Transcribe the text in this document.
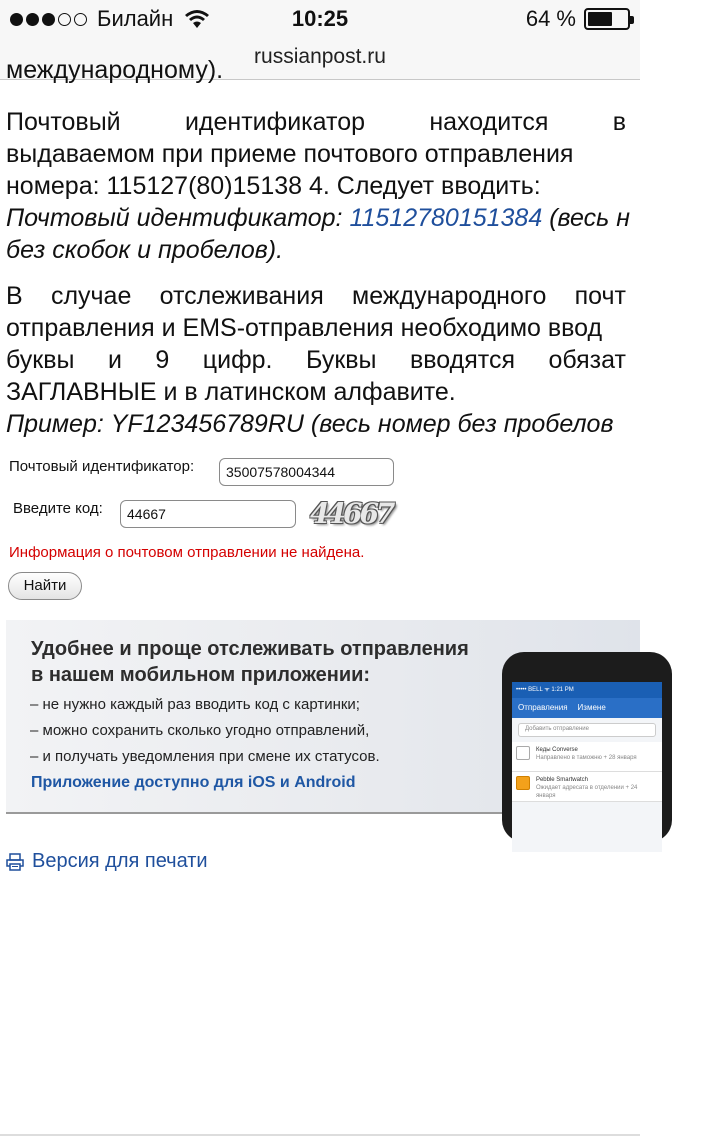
Билайн	10:25	64 %
russianpost.ru
международному).
Почтовый	идентификатор	находится	в
выдаваемом при приеме почтового отправления
номера: 115127(80)15138 4. Следует вводить:
Почтовый идентификатор: 11512780151384 (весь н
без скобок и пробелов).
В случае отслеживания международного почт
отправления и EMS-отправления необходимо ввод
буквы и 9 цифр. Буквы вводятся обязат
ЗАГЛАВНЫЕ и в латинском алфавите.
Пример: YF123456789RU (весь номер без пробелов
Почтовый идентификатор:	35007578004344
Введите код:	44667	44667
Информация о почтовом отправлении не найдена.
Найти
Удобнее и проще отслеживать отправления
в нашем мобильном приложении:
– не нужно каждый раз вводить код с картинки;
– можно сохранить сколько угодно отправлений,
– и получать уведомления при смене их статусов.
Приложение доступно для iOS и Android
••••• BELL ᯤ 1:21 PM
Отправления Измене
Добавить отправление
Кеды Converse
Направлено в таможню + 28 января
Pebble Smartwatch
Ожидает адресата в отделении + 24 января
Версия для печати
